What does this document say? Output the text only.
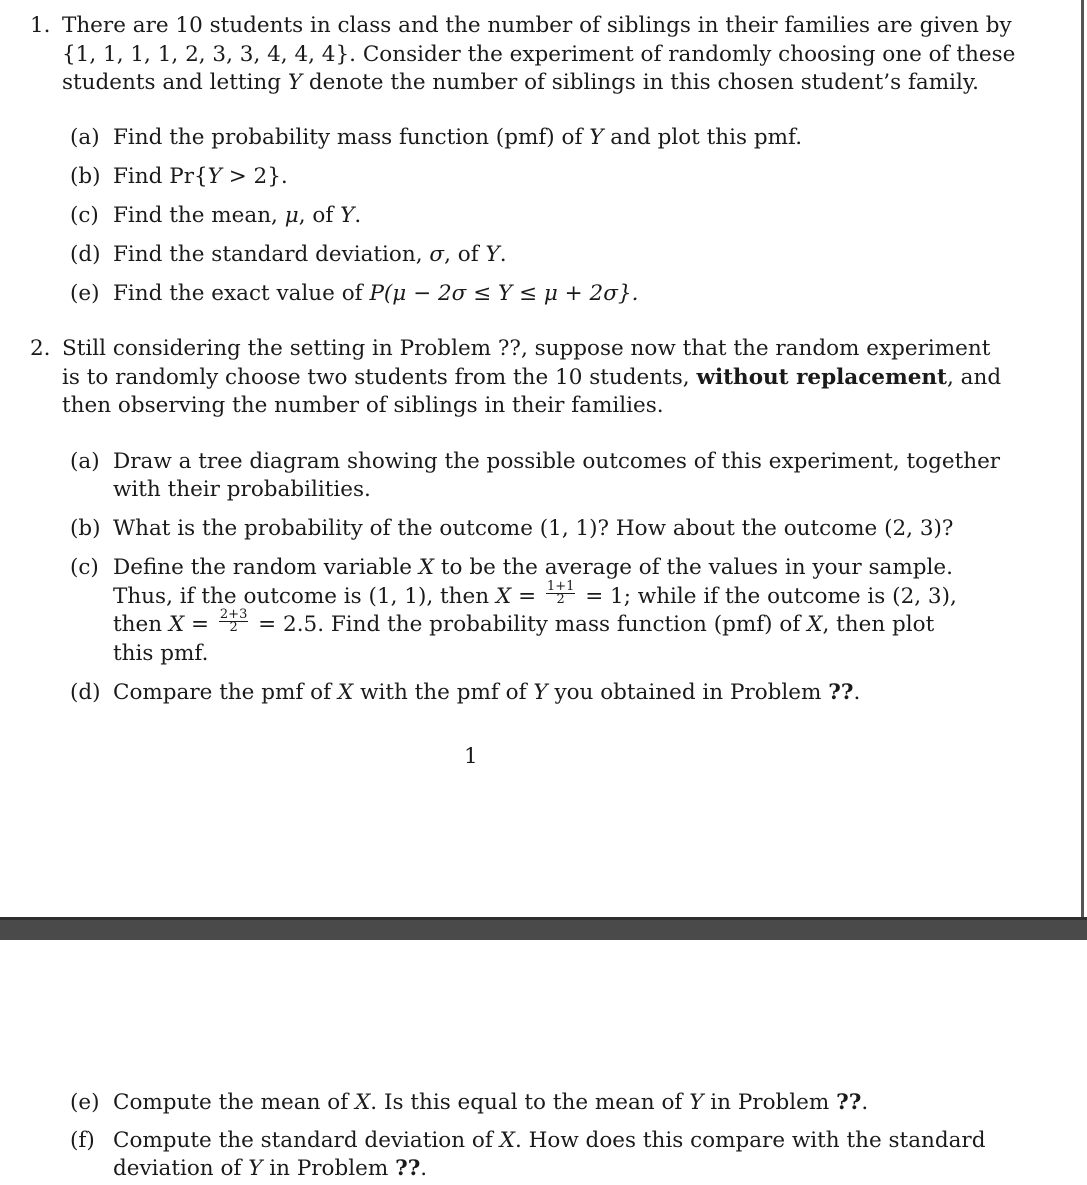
1. There are 10 students in class and the number of siblings in their families are given by
{1, 1, 1, 1, 2, 3, 3, 4, 4, 4}. Consider the experiment of randomly choosing one of these
students and letting Y denote the number of siblings in this chosen student’s family.
(a) Find the probability mass function (pmf) of Y and plot this pmf.
(b) Find Pr{Y > 2}.
(c) Find the mean, μ, of Y.
(d) Find the standard deviation, σ, of Y.
(e) Find the exact value of P(μ − 2σ ≤ Y ≤ μ + 2σ}.
2. Still considering the setting in Problem ??, suppose now that the random experiment
is to randomly choose two students from the 10 students, without replacement, and
then observing the number of siblings in their families.
(a) Draw a tree diagram showing the possible outcomes of this experiment, together
with their probabilities.
(b) What is the probability of the outcome (1, 1)? How about the outcome (2, 3)?
(c) Define the random variable X to be the average of the values in your sample.
Thus, if the outcome is (1, 1), then $X = \frac{1+1}{2} = 1$; while if the outcome is (2, 3),
then $X = \frac{2+3}{2} = 2.5$. Find the probability mass function (pmf) of X, then plot
this pmf.
(d) Compare the pmf of X with the pmf of Y you obtained in Problem ??.
1
(e) Compute the mean of X. Is this equal to the mean of Y in Problem ??.
(f) Compute the standard deviation of X. How does this compare with the standard
deviation of Y in Problem ??.
